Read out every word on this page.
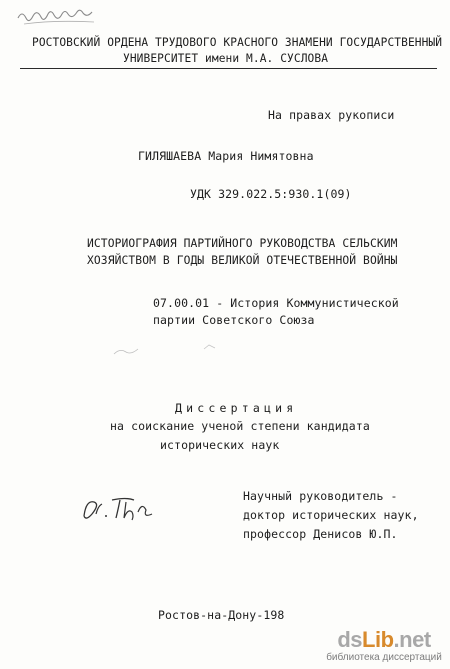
РОСТОВСКИЙ ОРДЕНА ТРУДОВОГО КРАСНОГО ЗНАМЕНИ ГОСУДАРСТВЕННЫЙ
УНИВЕРСИТЕТ имени М.А. СУСЛОВА
На правах рукописи
ГИЛЯШАЕВА Мария Нимятовна
УДК 329.022.5:930.1(09)
ИСТОРИОГРАФИЯ ПАРТИЙНОГО РУКОВОДСТВА СЕЛЬСКИМ
ХОЗЯЙСТВОМ В ГОДЫ ВЕЛИКОЙ ОТЕЧЕСТВЕННОЙ ВОЙНЫ
07.00.01 - История Коммунистической
партии Советского Союза
Диссертация
на соискание ученой степени кандидата
исторических наук
Научный руководитель -
доктор исторических наук,
профессор Денисов Ю.П.
Ростов-на-Дону-198
dsLib.net
библиотека диссертаций
